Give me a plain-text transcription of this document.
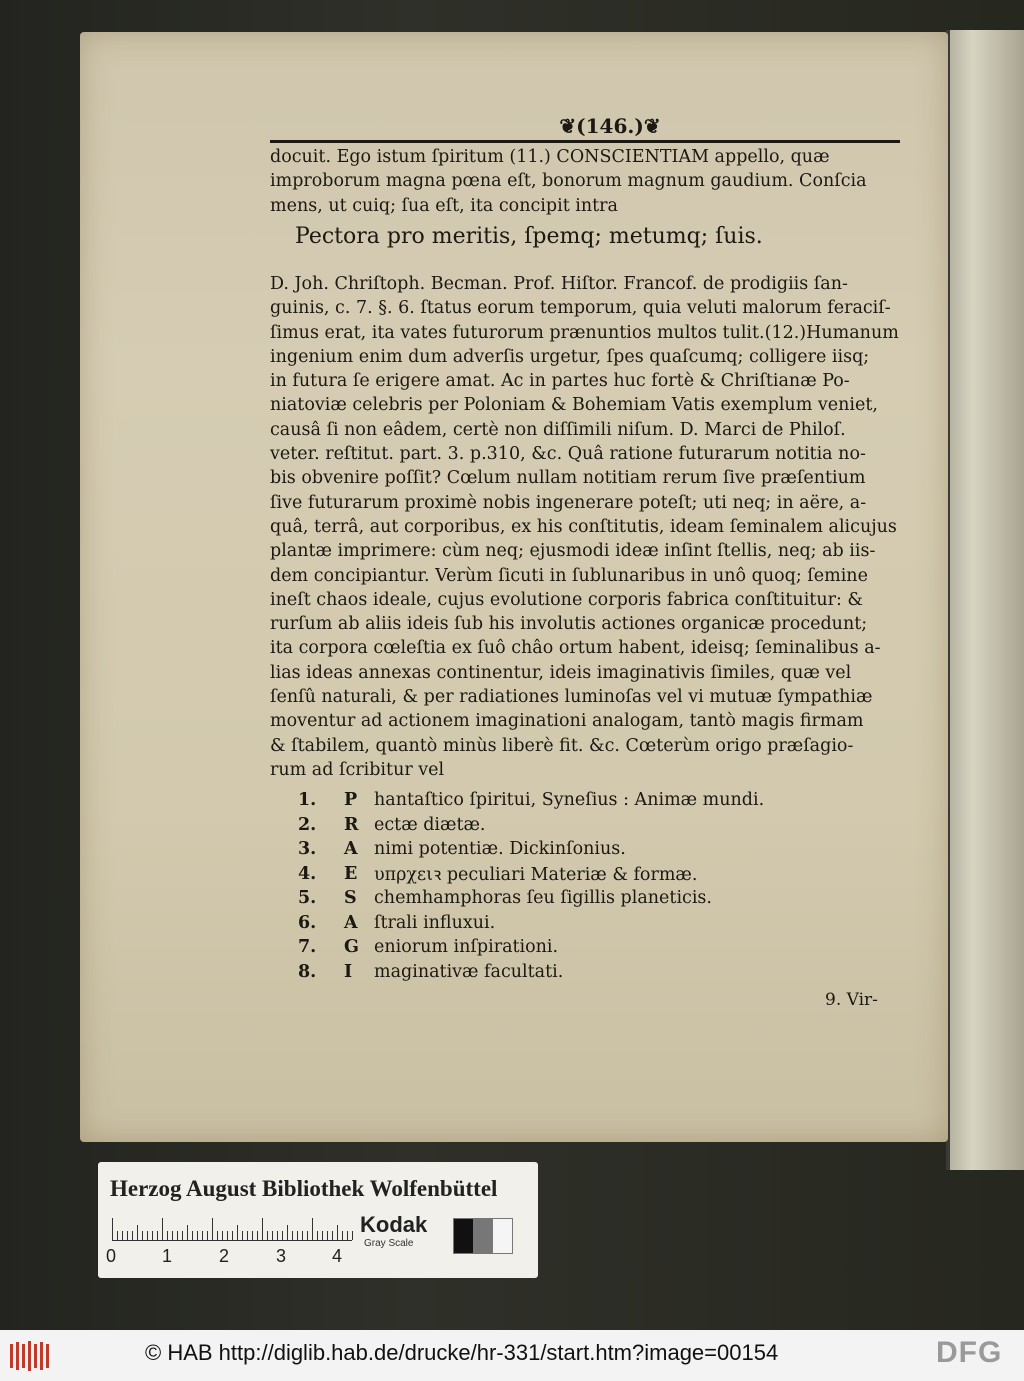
❦(146.)❦
docuit. Ego istum ſpiritum (11.) CONSCIENTIAM appello, quæ
improborum magna pœna eſt, bonorum magnum gaudium. Conſcia
mens, ut cuiq; ſua eſt, ita concipit intra
Pectora pro meritis, ſpemq; metumq; ſuis.
D. Joh. Chriſtoph. Becman. Prof. Hiſtor. Francof. de prodigiis ſan-
guinis, c. 7. §. 6. ſtatus eorum temporum, quia veluti malorum feraciſ-
ſimus erat, ita vates futurorum prænuntios multos tulit.(12.)Humanum
ingenium enim dum adverſis urgetur, ſpes quaſcumq; colligere iisq;
in futura ſe erigere amat. Ac in partes huc fortè & Chriſtianæ Po-
niatoviæ celebris per Poloniam & Bohemiam Vatis exemplum veniet,
causâ ſi non eâdem, certè non diſſimili niſum. D. Marci de Philoſ.
veter. reſtitut. part. 3. p.310, &c. Quâ ratione futurarum notitia no-
bis obvenire poſſit? Cœlum nullam notitiam rerum ſive præſentium
ſive futurarum proximè nobis ingenerare poteſt; uti neq; in aëre, a-
quâ, terrâ, aut corporibus, ex his conſtitutis, ideam ſeminalem alicujus
plantæ imprimere: cùm neq; ejusmodi ideæ inſint ſtellis, neq; ab iis-
dem concipiantur. Verùm ſicuti in ſublunaribus in unô quoq; ſemine
ineſt chaos ideale, cujus evolutione corporis fabrica conſtituitur: &
rurſum ab aliis ideis ſub his involutis actiones organicæ procedunt;
ita corpora cœleſtia ex ſuô châo ortum habent, ideisq; ſeminalibus a-
lias ideas annexas continentur, ideis imaginativis ſimiles, quæ vel
ſenſû naturali, & per radiationes luminoſas vel vi mutuæ ſympathiæ
moventur ad actionem imaginationi analogam, tantò magis firmam
& ſtabilem, quantò minùs liberè fit. &c. Cœterùm origo præſagio-
rum ad ſcribitur vel
1.	P hantaſtico ſpiritui, Syneſius : Animæ mundi.
2.	R ectæ diætæ.
3.	A nimi potentiæ. Dickinſonius.
4.	E υπρχειꝛ peculiari Materiæ & formæ.
5.	S chemhamphoras ſeu ſigillis planeticis.
6.	A ſtrali influxui.
7.	G eniorum inſpirationi.
8.	I	maginativæ facultati.
9. Vir-
Herzog August Bibliothek Wolfenbüttel
0	1	2	3	4
Kodak
Gray Scale
© HAB http://diglib.hab.de/drucke/hr-331/start.htm?image=00154	DFG
